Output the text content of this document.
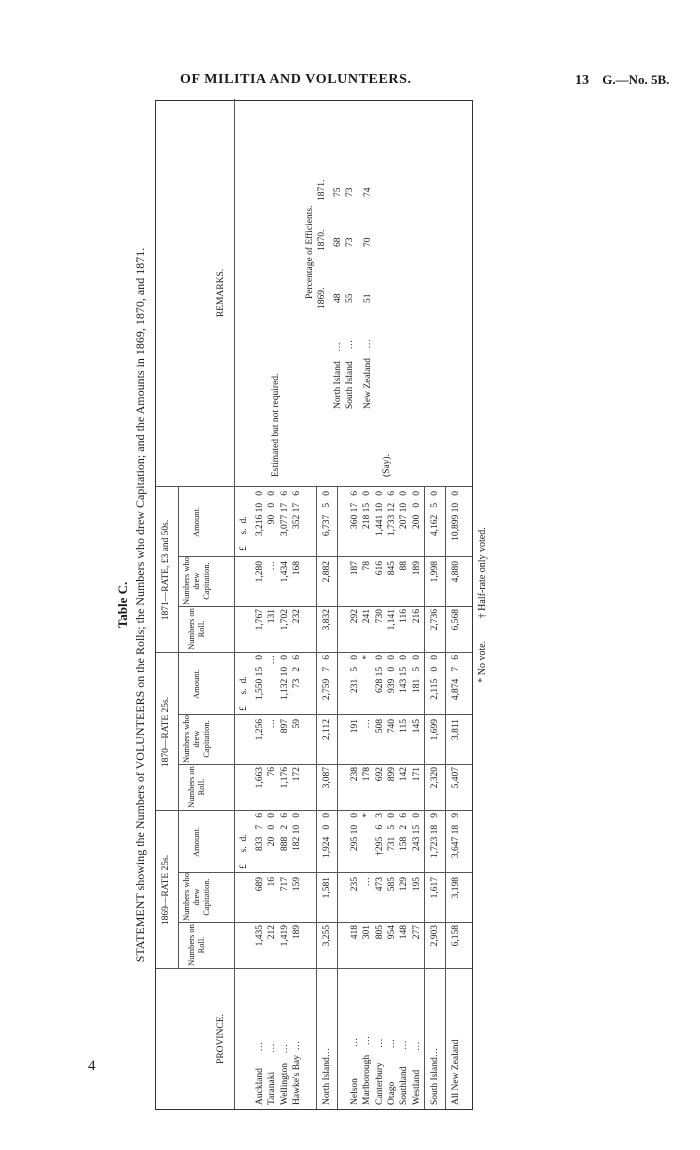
OF MILITIA AND VOLUNTEERS.	13 G.—No. 5B.
4
Table C. STATEMENT showing the Numbers of VOLUNTEERS on the Rolls; the Numbers who drew Capitation; and the Amounts in 1869, 1870, and 1871.
PROVINCE.
1869—RATE 25s.
1870—RATE 25s.
1871—RATE, £3 and 50s.
REMARKS.
Numbers on Roll.
Numbers who drew Capitation.
Amount.
Numbers on Roll.
Numbers who drew Capitation.
Amount.
Numbers on Roll.
Numbers who drew Capitation.
Amount.
£     s.  d.
£     s.  d.
£     s.  d.
Auckland       …
1,435
689
833   7   6
1,663
1,256
1,550 15   0
1,767
1,280
3,216 10   0
Taranaki        …
212
16
20   0   0
76
…
…
131
…
90   0   0
Wellington    …
1,419
717
888   2   6
1,176
897
1,132 10   0
1,702
1,434
3,077 17   6
Hawke's Bay  …
189
159
182 10   0
172
59
73   2   6
232
168
352 17   6
North Island…
3,255
1,581
1,924   0   0
3,087
2,112
2,759   7   6
3,832
2,882
6,737   5   0
Nelson             …
418
235
295 10   0
238
191
231   5   0
292
187
360 17   6
Marlborough    …
301
…
*
178
…
*
241
78
218 15   0
Canterbury      …
805
473
†295   6   3
692
508
628 15   0
730
616
1,441 10   0
Otago              …
954
585
731   5   0
899
740
939   0   0
1,141
845
1,733 12   6
Southland       …
148
129
158   2   6
142
115
143 15   0
116
88
207 10   0
Westland        …
277
195
243 15   0
171
145
181   5   0
216
189
200   0   0
South Island…
2,903
1,617
1,723 18   9
2,320
1,699
2,115   0   0
2,736
1,998
4,162   5   0
All New Zealand
6,158
3,198
3,647 18   9
5,407
3,811
4,874   7   6
6,568
4,880
10,899 10   0
Estimated but not required.	(Say).
Percentage of Efficients. 1869.
1870.
1871.
North Island    …
48
68
75
South Island     …
55
73
73
New Zealand    …
51
70
74
* No vote. † Half-rate only voted.
